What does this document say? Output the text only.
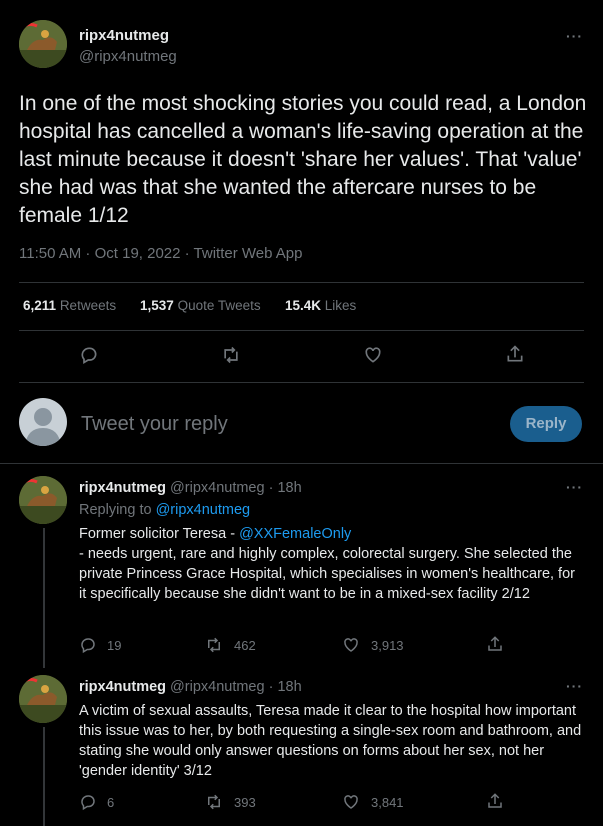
ripx4nutmeg
@ripx4nutmeg
···
In one of the most shocking stories you could read, a London hospital has cancelled a woman's life-saving operation at the last minute because it doesn't 'share her values'. That 'value' she had was that she wanted the aftercare nurses to be female 1/12
11:50 AM · Oct 19, 2022 · Twitter Web App
6,211 Retweets 1,537 Quote Tweets 15.4K Likes
Tweet your reply	Reply
ripx4nutmeg @ripx4nutmeg · 18h	···
Replying to @ripx4nutmeg
Former solicitor Teresa - @XXFemaleOnly
- needs urgent, rare and highly complex, colorectal surgery. She selected the private Princess Grace Hospital, which specialises in women's healthcare, for it specifically because she didn't want to be in a mixed-sex facility 2/12
19	462	3,913
ripx4nutmeg @ripx4nutmeg · 18h	···
A victim of sexual assaults, Teresa made it clear to the hospital how important this issue was to her, by both requesting a single-sex room and bathroom, and stating she would only answer questions on forms about her sex, not her 'gender identity' 3/12
6	393	3,841
